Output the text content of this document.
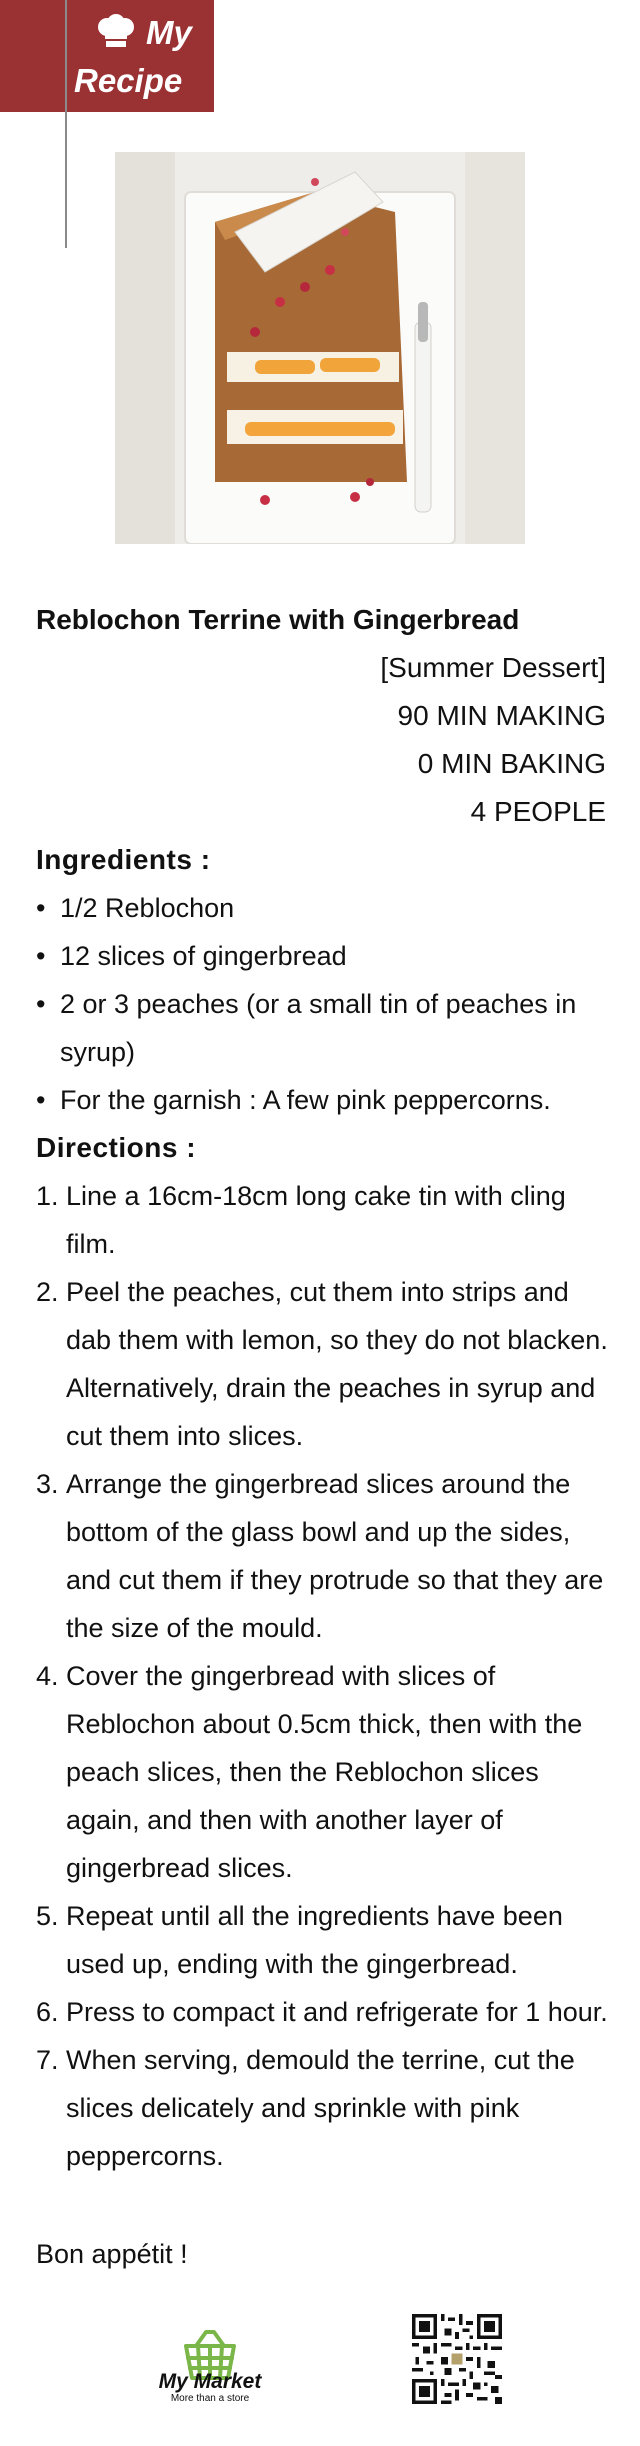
My
Recipe
Reblochon Terrine with Gingerbread
[Summer Dessert]
90 MIN MAKING
0 MIN BAKING
4 PEOPLE
Ingredients :
• 1/2 Reblochon
• 12 slices of gingerbread
• 2 or 3 peaches (or a small tin of peaches in syrup)
• For the garnish : A few pink peppercorns.
Directions :
1. Line a 16cm-18cm long cake tin with cling film.
2. Peel the peaches, cut them into strips and dab them with lemon, so they do not blacken. Alternatively, drain the peaches in syrup and cut them into slices.
3. Arrange the gingerbread slices around the bottom of the glass bowl and up the sides, and cut them if they protrude so that they are the size of the mould.
4. Cover the gingerbread with slices of Reblochon about 0.5cm thick, then with the peach slices, then the Reblochon slices again, and then with another layer of gingerbread slices.
5. Repeat until all the ingredients have been used up, ending with the gingerbread.
6. Press to compact it and refrigerate for 1 hour.
7. When serving, demould the terrine, cut the slices delicately and sprinkle with pink peppercorns.
Bon appétit !
My Market
More than a store
